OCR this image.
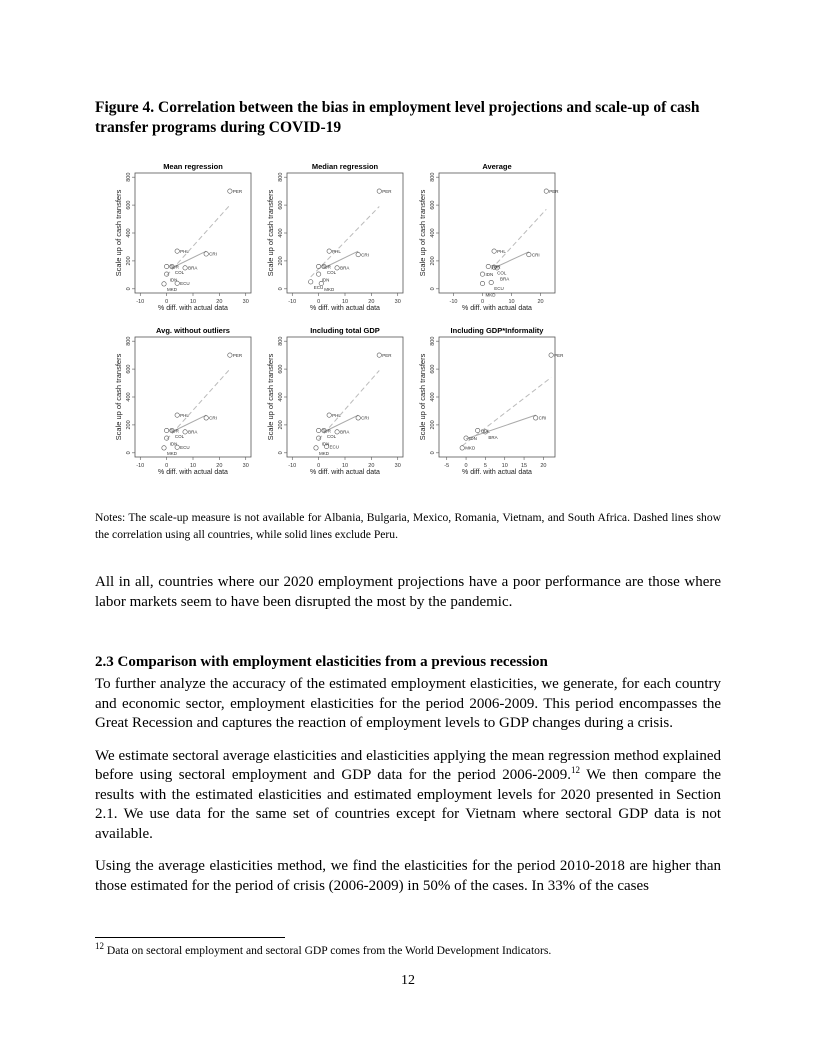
Figure 4. Correlation between the bias in employment level projections and scale-up of cash transfer programs during COVID-19
Mean regression
-10	0	10	20	30
0
200
400
600
800
% diff. with actual data
Scale up of cash transfers	PER
PHL
CRI
TUR
COL
BRA
IDN
ECU
MKD
Median regression
-10	0	10	20	30
0
200
400
600
800
% diff. with actual data
Scale up of cash transfers	PER
PHL
CRI
TUR
COL
BRA
IDN
ECU MKD
Average
-10	0	10	20
0
200
400
600
800
% diff. with actual data
Scale up of cash transfers	PER
PHL
CRI
TUR
COL
BRA
IDN
ECU
MKD
Avg. without outliers
-10	0	10	20	30
0
200
400
600
800
% diff. with actual data
Scale up of cash transfers	PER
PHL
CRI
TUR
COL
BRA
IDN
ECU
MKD
Including total GDP
-10	0	10	20	30
0
200
400
600
800
% diff. with actual data
Scale up of cash transfers	PER
PHL
CRI
TUR
COL
BRA
IDN
ECU
MKD
Including GDP*Informality
-5	0	5	10 15 20
0
200
400
600
800
% diff. with actual data
Scale up of cash transfers	PER
CRI
COL
BRA
IDN
MKD
Notes: The scale-up measure is not available for Albania, Bulgaria, Mexico, Romania, Vietnam, and South Africa. Dashed lines show the correlation using all countries, while solid lines exclude Peru.
All in all, countries where our 2020 employment projections have a poor performance are those where labor markets seem to have been disrupted the most by the pandemic.
2.3 Comparison with employment elasticities from a previous recession
To further analyze the accuracy of the estimated employment elasticities, we generate, for each country and economic sector, employment elasticities for the period 2006-2009. This period encompasses the Great Recession and captures the reaction of employment levels to GDP changes during a crisis.
We estimate sectoral average elasticities and elasticities applying the mean regression method explained before using sectoral employment and GDP data for the period 2006-2009.12 We then compare the results with the estimated elasticities and estimated employment levels for 2020 presented in Section 2.1. We use data for the same set of countries except for Vietnam where sectoral GDP data is not available.
Using the average elasticities method, we find the elasticities for the period 2010-2018 are higher than those estimated for the period of crisis (2006-2009) in 50% of the cases. In 33% of the cases
$^{12}$ Data on sectoral employment and sectoral GDP comes from the World Development Indicators.
12
